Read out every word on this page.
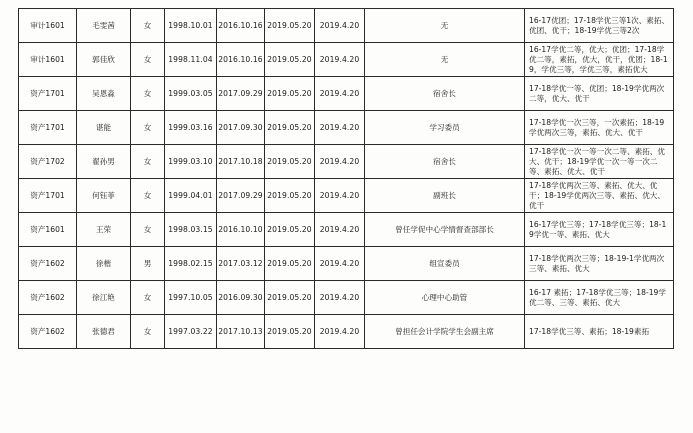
审计1601	毛雯茜	女	1998.10.01	2016.10.16	2019.05.20	2019.4.20	无	16-17优团；17-18学优三等1次、素拓、优团、优干；18-19学优三等2次
审计1601	郭佳欣	女	1998.11.04	2016.10.16	2019.05.20	2019.4.20	无	16-17学优二等，优大；优团；17-18学优二等，素拓，优大，优干，优团；18-19，学优三等，学优三等，素拓优大
资产1701	吴恩淼	女	1999.03.05	2017.09.29	2019.05.20	2019.4.20	宿舍长	17-18学优一等、优团；18-19学优两次二等，优大、优干
资产1701	谌能	女	1999.03.16	2017.09.30	2019.05.20	2019.4.20	学习委员	17-18学优一次三等，一次素拓；18-19学优两次三等，素拓、优大、优干
资产1702	翟孙男	女	1999.03.10	2017.10.18	2019.05.20	2019.4.20	宿舍长	17-18学优一次一等一次二等、素拓、优大、优干；18-19学优一次一等一次二等、素拓、优大、优干
资产1701	何钰菲	女	1999.04.01	2017.09.29	2019.05.20	2019.4.20	副班长	17-18学优两次三等、素拓、优大、优干；18-19学优两次三等、素拓、优大、优干
资产1601	王荣	女	1998.03.15	2016.10.10	2019.05.20	2019.4.20	曾任学促中心学情督查部部长	16-17学优三等；17-18学优三等；18-19学优一等、素拓、优大
资产1602	徐楷	男	1998.02.15	2017.03.12	2019.05.20	2019.4.20	组宣委员	17-18学优两次三等；18-19-1学优两次三等、素拓、优大
资产1602	徐江艳	女	1997.10.05	2016.09.30	2019.05.20	2019.4.20	心理中心助管	16-17 素拓；17-18学优三等；18-19学优二等、三等、素拓、优大
资产1602	张德君	女	1997.03.22	2017.10.13	2019.05.20	2019.4.20	曾担任会计学院学生会副主席	17-18学优三等、素拓；18-19素拓
